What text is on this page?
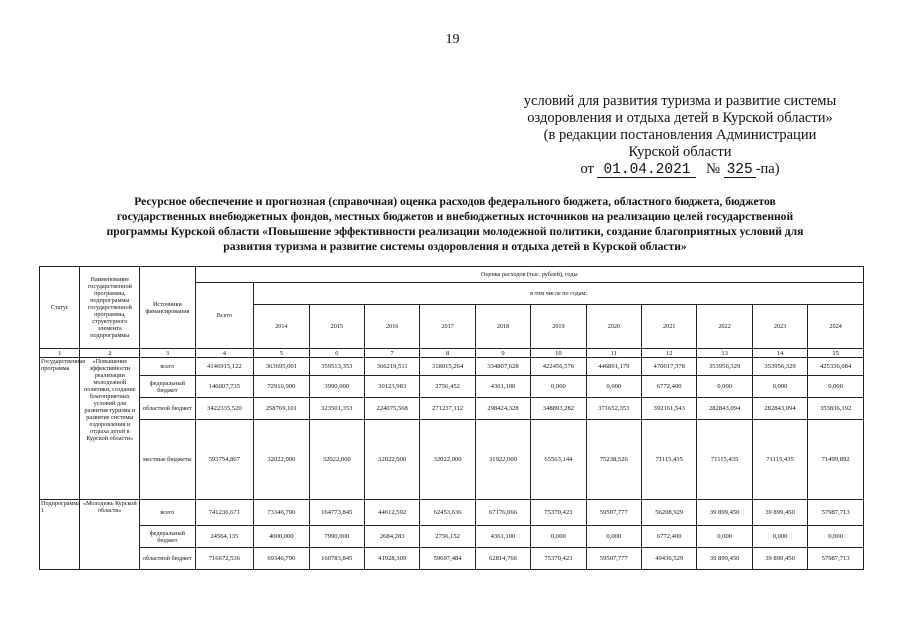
19
условий для развития туризма и развитие системы
оздоровления и отдыха детей в Курской области»
(в редакции постановления Администрации
Курской области
от 01.04.2021 № 325 -па)
Ресурсное обеспечение и прогнозная (справочная) оценка расходов федерального бюджета, областного бюджета, бюджетов
государственных внебюджетных фондов, местных бюджетов и внебюджетных источников на реализацию целей государственной
программы Курской области «Повышение эффективности реализации молодежной политики, создание благоприятных условий для
развития туризма и развитие системы оздоровления и отдыха детей в Курской области»
Статус	Наименование государственной программы, подпрограммы государственной программы, структурного элемента подпрограммы	Источники финансирования	Оценка расходов (тыс. рублей), годы											
			Всего	в том числе по годам:										
				2014	2015	2016	2017	2018	2019	2020	2021	2022	2023	2024
1	2	3	4	5	6	7	8	9	10	11	12	13	14	15
Государственная программа	«Повышение эффективности реализации молодежной политики, создание благоприятных условий для развития туризма и развитие системы оздоровления и отдыха детей в Курской области»	всего	4146915,122	363695,001	359513,353	366219,511	318015,264	334807,628	422456,576	446891,179	470017,378	353956,329	353956,329	425336,084
		федеральный бюджет	146007,735	72910,900	3990,000	30123,983	2756,452	4361,100	0,000	0,000	6772,400	0,000	0,000	0,000
		областной бюджет	3422335,520	258769,101	323501,353	224075,568	271237,112	298424,328	348893,282	371652,353	392161,543	282843,094	282843,094	353836,192
		местные бюджеты	593754,867	32022,000	32022,000	32022,000	32022,000	31922,000	65563,144	75238,526	71115,435	71115,435	71115,435	71499,892
Подпрограмма 1	«Молодежь Курской области»	всего	741236,671	73346,790	164773,845	44612,592	62453,636	67176,066	75370,423	59507,777	56208,929	39 899,450	39 899,450	57987,713
		федеральный бюджет	24564,135	4000,000	7990,000	2684,283	2756,152	4361,100	0,000	0,000	6772,400	0,000	0,000	0,000
		областной бюджет	716672,536	69346,790	160783,845	41928,309	59697,484	62814,766	75370,423	59507,777	49436,529	39 899,450	39 899,450	57987,713
